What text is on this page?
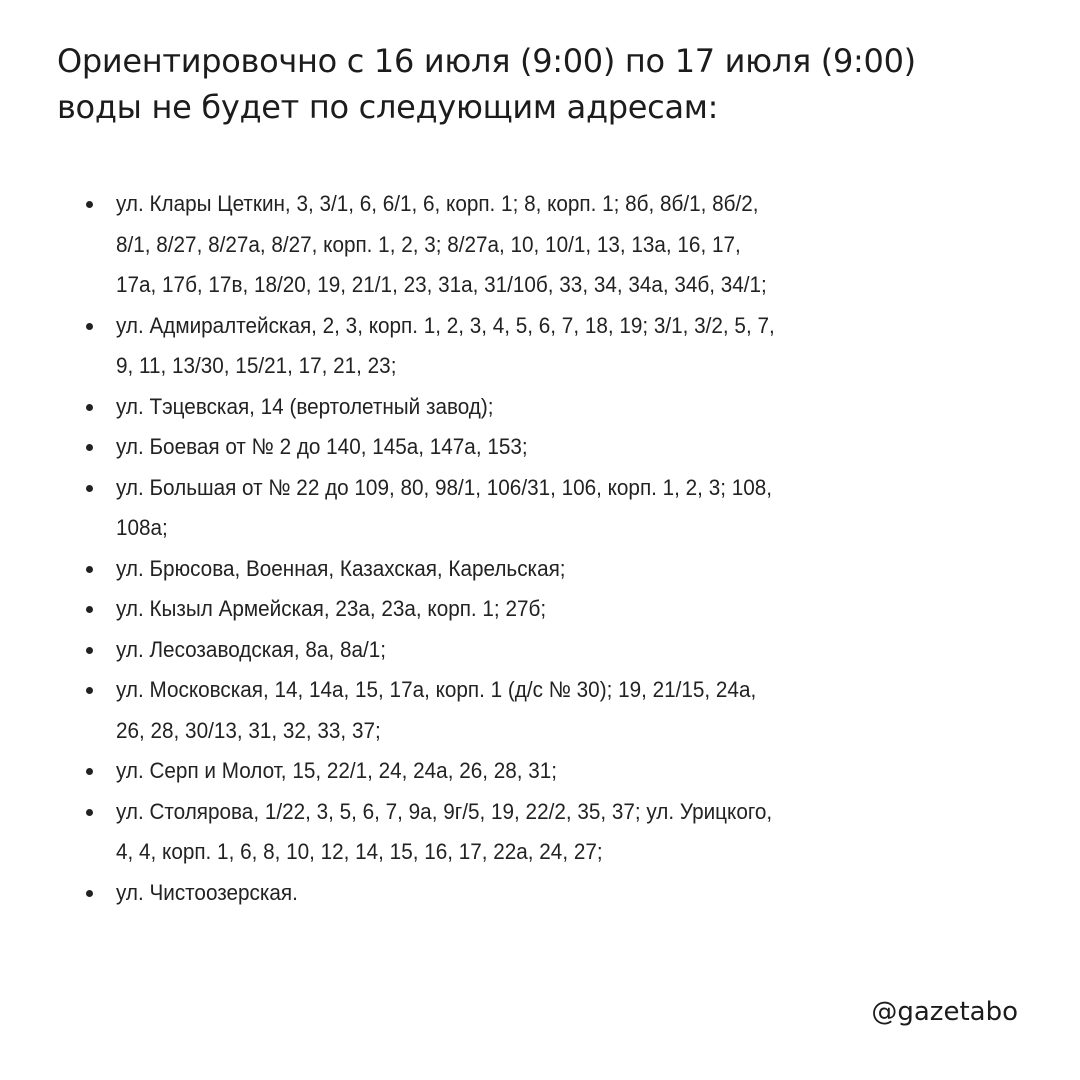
Ориентировочно с 16 июля (9:00) по 17 июля (9:00)
воды не будет по следующим адресам:
ул. Клары Цеткин, 3, 3/1, 6, 6/1, 6, корп. 1; 8, корп. 1; 8б, 8б/1, 8б/2,
8/1, 8/27, 8/27а, 8/27, корп. 1, 2, 3; 8/27а, 10, 10/1, 13, 13а, 16, 17,
17а, 17б, 17в, 18/20, 19, 21/1, 23, 31а, 31/10б, 33, 34, 34а, 34б, 34/1;
ул. Адмиралтейская, 2, 3, корп. 1, 2, 3, 4, 5, 6, 7, 18, 19; 3/1, 3/2, 5, 7,
9, 11, 13/30, 15/21, 17, 21, 23;
ул. Тэцевская, 14 (вертолетный завод);
ул. Боевая от № 2 до 140, 145а, 147а, 153;
ул. Большая от № 22 до 109, 80, 98/1, 106/31, 106, корп. 1, 2, 3; 108,
108а;
ул. Брюсова, Военная, Казахская, Карельская;
ул. Кызыл Армейская, 23а, 23а, корп. 1; 27б;
ул. Лесозаводская, 8а, 8а/1;
ул. Московская, 14, 14а, 15, 17а, корп. 1 (д/с № 30); 19, 21/15, 24а,
26, 28, 30/13, 31, 32, 33, 37;
ул. Серп и Молот, 15, 22/1, 24, 24а, 26, 28, 31;
ул. Столярова, 1/22, 3, 5, 6, 7, 9а, 9г/5, 19, 22/2, 35, 37; ул. Урицкого,
4, 4, корп. 1, 6, 8, 10, 12, 14, 15, 16, 17, 22а, 24, 27;
ул. Чистоозерская.
@gazetabo
